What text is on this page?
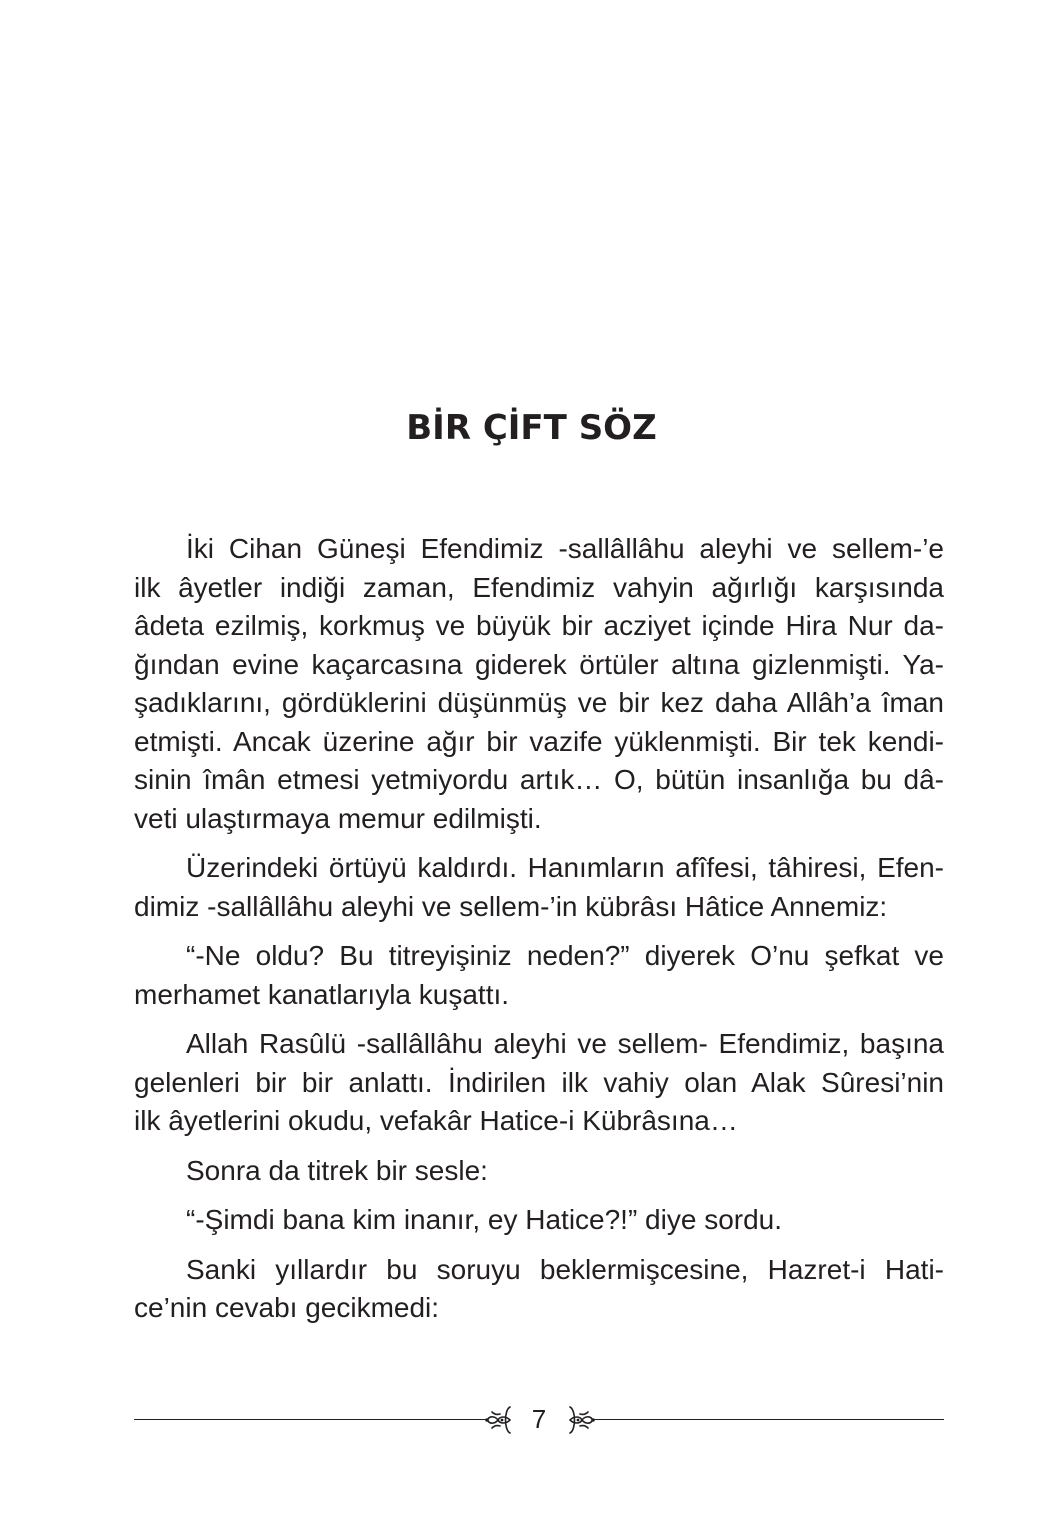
BİR ÇİFT SÖZ
İki Cihan Güneşi Efendimiz -sallâllâhu aleyhi ve sellem-’e
ilk âyetler indiği zaman, Efendimiz vahyin ağırlığı karşısında
âdeta ezilmiş, korkmuş ve büyük bir acziyet içinde Hira Nur da-
ğından evine kaçarcasına giderek örtüler altına gizlenmişti. Ya-
şadıklarını, gördüklerini düşünmüş ve bir kez daha Allâh’a îman
etmişti. Ancak üzerine ağır bir vazife yüklenmişti. Bir tek kendi-
sinin îmân etmesi yetmiyordu artık… O, bütün insanlığa bu dâ-
veti ulaştırmaya memur edilmişti.
Üzerindeki örtüyü kaldırdı. Hanımların afîfesi, tâhiresi, Efen-
dimiz -sallâllâhu aleyhi ve sellem-’in kübrâsı Hâtice Annemiz:
“-Ne oldu? Bu titreyişiniz neden?” diyerek O’nu şefkat ve
merhamet kanatlarıyla kuşattı.
Allah Rasûlü -sallâllâhu aleyhi ve sellem- Efendimiz, başına
gelenleri bir bir anlattı. İndirilen ilk vahiy olan Alak Sûresi’nin
ilk âyetlerini okudu, vefakâr Hatice-i Kübrâsına…
Sonra da titrek bir sesle:
“-Şimdi bana kim inanır, ey Hatice?!” diye sordu.
Sanki yıllardır bu soruyu beklermişcesine, Hazret-i Hati-
ce’nin cevabı gecikmedi:
7
